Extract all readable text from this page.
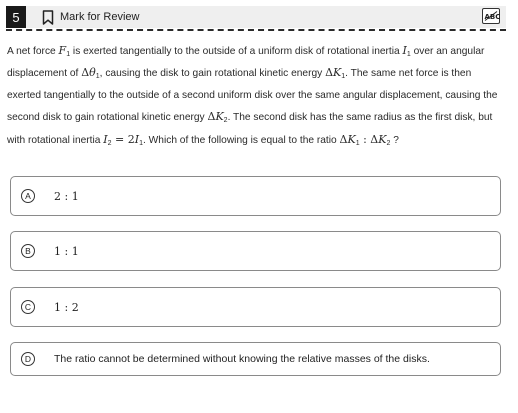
5	Mark for Review	ABC
A net force $F_1$ is exerted tangentially to the outside of a uniform disk of rotational inertia $I_1$ over an angular displacement of $\Delta\theta_1$, causing the disk to gain rotational kinetic energy $\Delta K_1$. The same net force is then exerted tangentially to the outside of a second uniform disk over the same angular displacement, causing the second disk to gain rotational kinetic energy $\Delta K_2$. The second disk has the same radius as the first disk, but with rotational inertia $I_2 = 2I_1$. Which of the following is equal to the ratio $\Delta K_1$ : $\Delta K_2$ ?
A	2 : 1
B	1 : 1
C	1 : 2
D	The ratio cannot be determined without knowing the relative masses of the disks.
